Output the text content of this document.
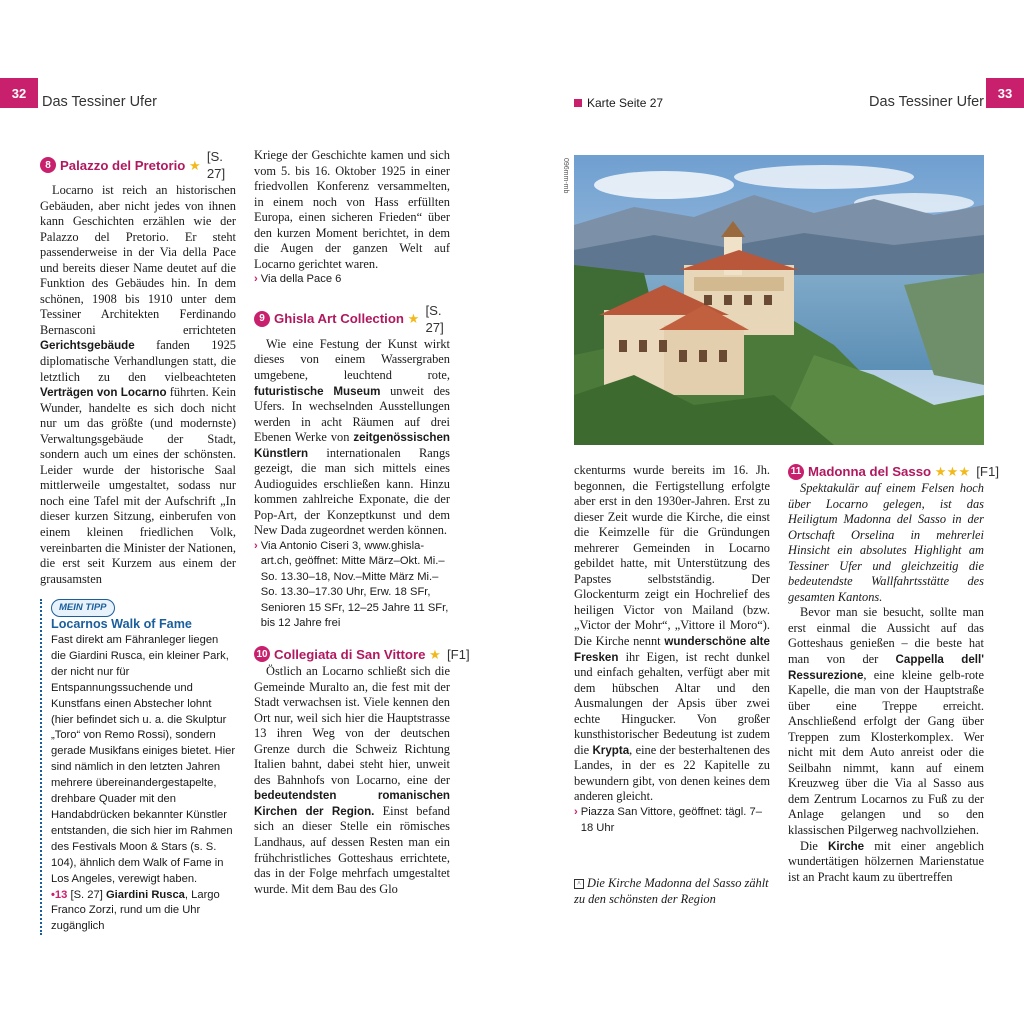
32
Das Tessiner Ufer	Karte Seite 27	Das Tessiner Ufer
33
8 Palazzo del Pretorio ★
[S. 27]

Locarno ist reich an historischen Gebäuden, aber nicht jedes von ihnen kann Geschichten erzählen wie der Palazzo del Pretorio. Er steht passenderweise in der Via della Pace und bereits dieser Name deutet auf die Funktion des Gebäudes hin. In dem schönen, 1908 bis 1910 unter dem Tessiner Architekten Ferdinando Bernasconi errichteten Gerichtsgebäude fanden 1925 diplomatische Verhandlungen statt, die letztlich zu den vielbeachteten Verträgen von Locarno führten. Kein Wunder, handelte es sich doch nicht nur um das größte (und modernste) Verwaltungsgebäude der Stadt, sondern auch um eines der schönsten. Leider wurde der historische Saal mittlerweile umgestaltet, sodass nur noch eine Tafel mit der Aufschrift „In dieser kurzen Sitzung, einberufen von einem kleinen friedlichen Volk, vereinbarten die Minister der Nationen, die erst seit Kurzem aus einem der grausamsten

MEIN TIPP
Locarnos Walk of Fame
Fast direkt am Fähranleger liegen die Giardini Rusca, ein kleiner Park, der nicht nur für Entspannungssuchende und Kunstfans einen Abstecher lohnt (hier befindet sich u. a. die Skulptur „Toro“ von Remo Rossi), sondern gerade Musikfans einiges bietet. Hier sind nämlich in den letzten Jahren mehrere übereinandergestapelte, drehbare Quader mit den Handabdrücken bekannter Künstler entstanden, die sich hier im Rahmen des Festivals Moon & Stars (s. S. 104), ähnlich dem Walk of Fame in Los Angeles, verewigt haben.
•13 [S. 27] Giardini Rusca, Largo Franco Zorzi, rund um die Uhr zugänglich

Kriege der Geschichte kamen und sich vom 5. bis 16. Oktober 1925 in einer friedvollen Konferenz versammelten, in einem noch von Hass erfüllten Europa, einen sicheren Frieden“ über den kurzen Moment berichtet, in dem die Augen der ganzen Welt auf Locarno gerichtet waren.

› Via della Pace 6

9 Ghisla Art Collection ★
[S. 27]

Wie eine Festung der Kunst wirkt dieses von einem Wassergraben umgebene, leuchtend rote, futuristische Museum unweit des Ufers. In wechselnden Ausstellungen werden in acht Räumen auf drei Ebenen Werke von zeitgenössischen Künstlern internationalen Rangs gezeigt, die man sich mittels eines Audioguides erschließen kann. Hinzu kommen zahlreiche Exponate, die der Pop-Art, der Konzeptkunst und dem New Dada zugeordnet werden können.

› Via Antonio Ciseri 3, www.ghisla-art.ch, geöffnet: Mitte März–Okt. Mi.–So. 13.30–18, Nov.–Mitte März Mi.–So. 13.30–17.30 Uhr, Erw. 18 SFr, Senioren 15 SFr, 12–25 Jahre 11 SFr, bis 12 Jahre frei

10 Collegiata di San Vittore ★ [F1]

Östlich an Locarno schließt sich die Gemeinde Muralto an, die fest mit der Stadt verwachsen ist. Viele kennen den Ort nur, weil sich hier die Hauptstrasse 13 ihren Weg von der deutschen Grenze durch die Schweiz Richtung Italien bahnt, dabei steht hier, unweit des Bahnhofs von Locarno, eine der bedeutendsten romanischen Kirchen der Region. Einst befand sich an dieser Stelle ein römisches Landhaus, auf dessen Resten man ein frühchristliches Gotteshaus errichtete, das in der Folge mehrfach umgestaltet wurde. Mit dem Bau des Glo

096mm-mb

ckenturms wurde bereits im 16. Jh. begonnen, die Fertigstellung erfolgte aber erst in den 1930er-Jahren. Erst zu dieser Zeit wurde die Kirche, die einst die Keimzelle für die Gründungen mehrerer Gemeinden in Locarno gebildet hatte, mit Unterstützung des Papstes selbstständig. Der Glockenturm zeigt ein Hochrelief des heiligen Victor von Mailand (bzw. „Victor der Mohr“, „Vittore il Moro“). Die Kirche nennt wunderschöne alte Fresken ihr Eigen, ist recht dunkel und einfach gehalten, verfügt aber mit dem hübschen Altar und den Ausmalungen der Apsis über zwei echte Hingucker. Von großer kunsthistorischer Bedeutung ist zudem die Krypta, eine der besterhaltenen des Landes, in der es 22 Kapitelle zu bewundern gibt, von denen keines dem anderen gleicht.

› Piazza San Vittore, geöffnet: tägl. 7–18 Uhr

^ Die Kirche Madonna del Sasso zählt zu den schönsten der Region
11 Madonna del Sasso ★★★ [F1]

Spektakulär auf einem Felsen hoch über Locarno gelegen, ist das Heiligtum Madonna del Sasso in der Ortschaft Orselina in mehrerlei Hinsicht ein absolutes Highlight am Tessiner Ufer und gleichzeitig die bedeutendste Wallfahrtsstätte des gesamten Kantons.

Bevor man sie besucht, sollte man erst einmal die Aussicht auf das Gotteshaus genießen – die beste hat man von der Cappella dell' Ressurezione, eine kleine gelb-rote Kapelle, die man von der Hauptstraße über eine Treppe erreicht. Anschließend erfolgt der Gang über Treppen zum Klosterkomplex. Wer nicht mit dem Auto anreist oder die Seilbahn nimmt, kann auf einem Kreuzweg über die Via al Sasso aus dem Zentrum Locarnos zu Fuß zu der Anlage gelangen und so den klassischen Pilgerweg nachvollziehen.

Die Kirche mit einer angeblich wundertätigen hölzernen Marienstatue ist an Pracht kaum zu übertreffen
